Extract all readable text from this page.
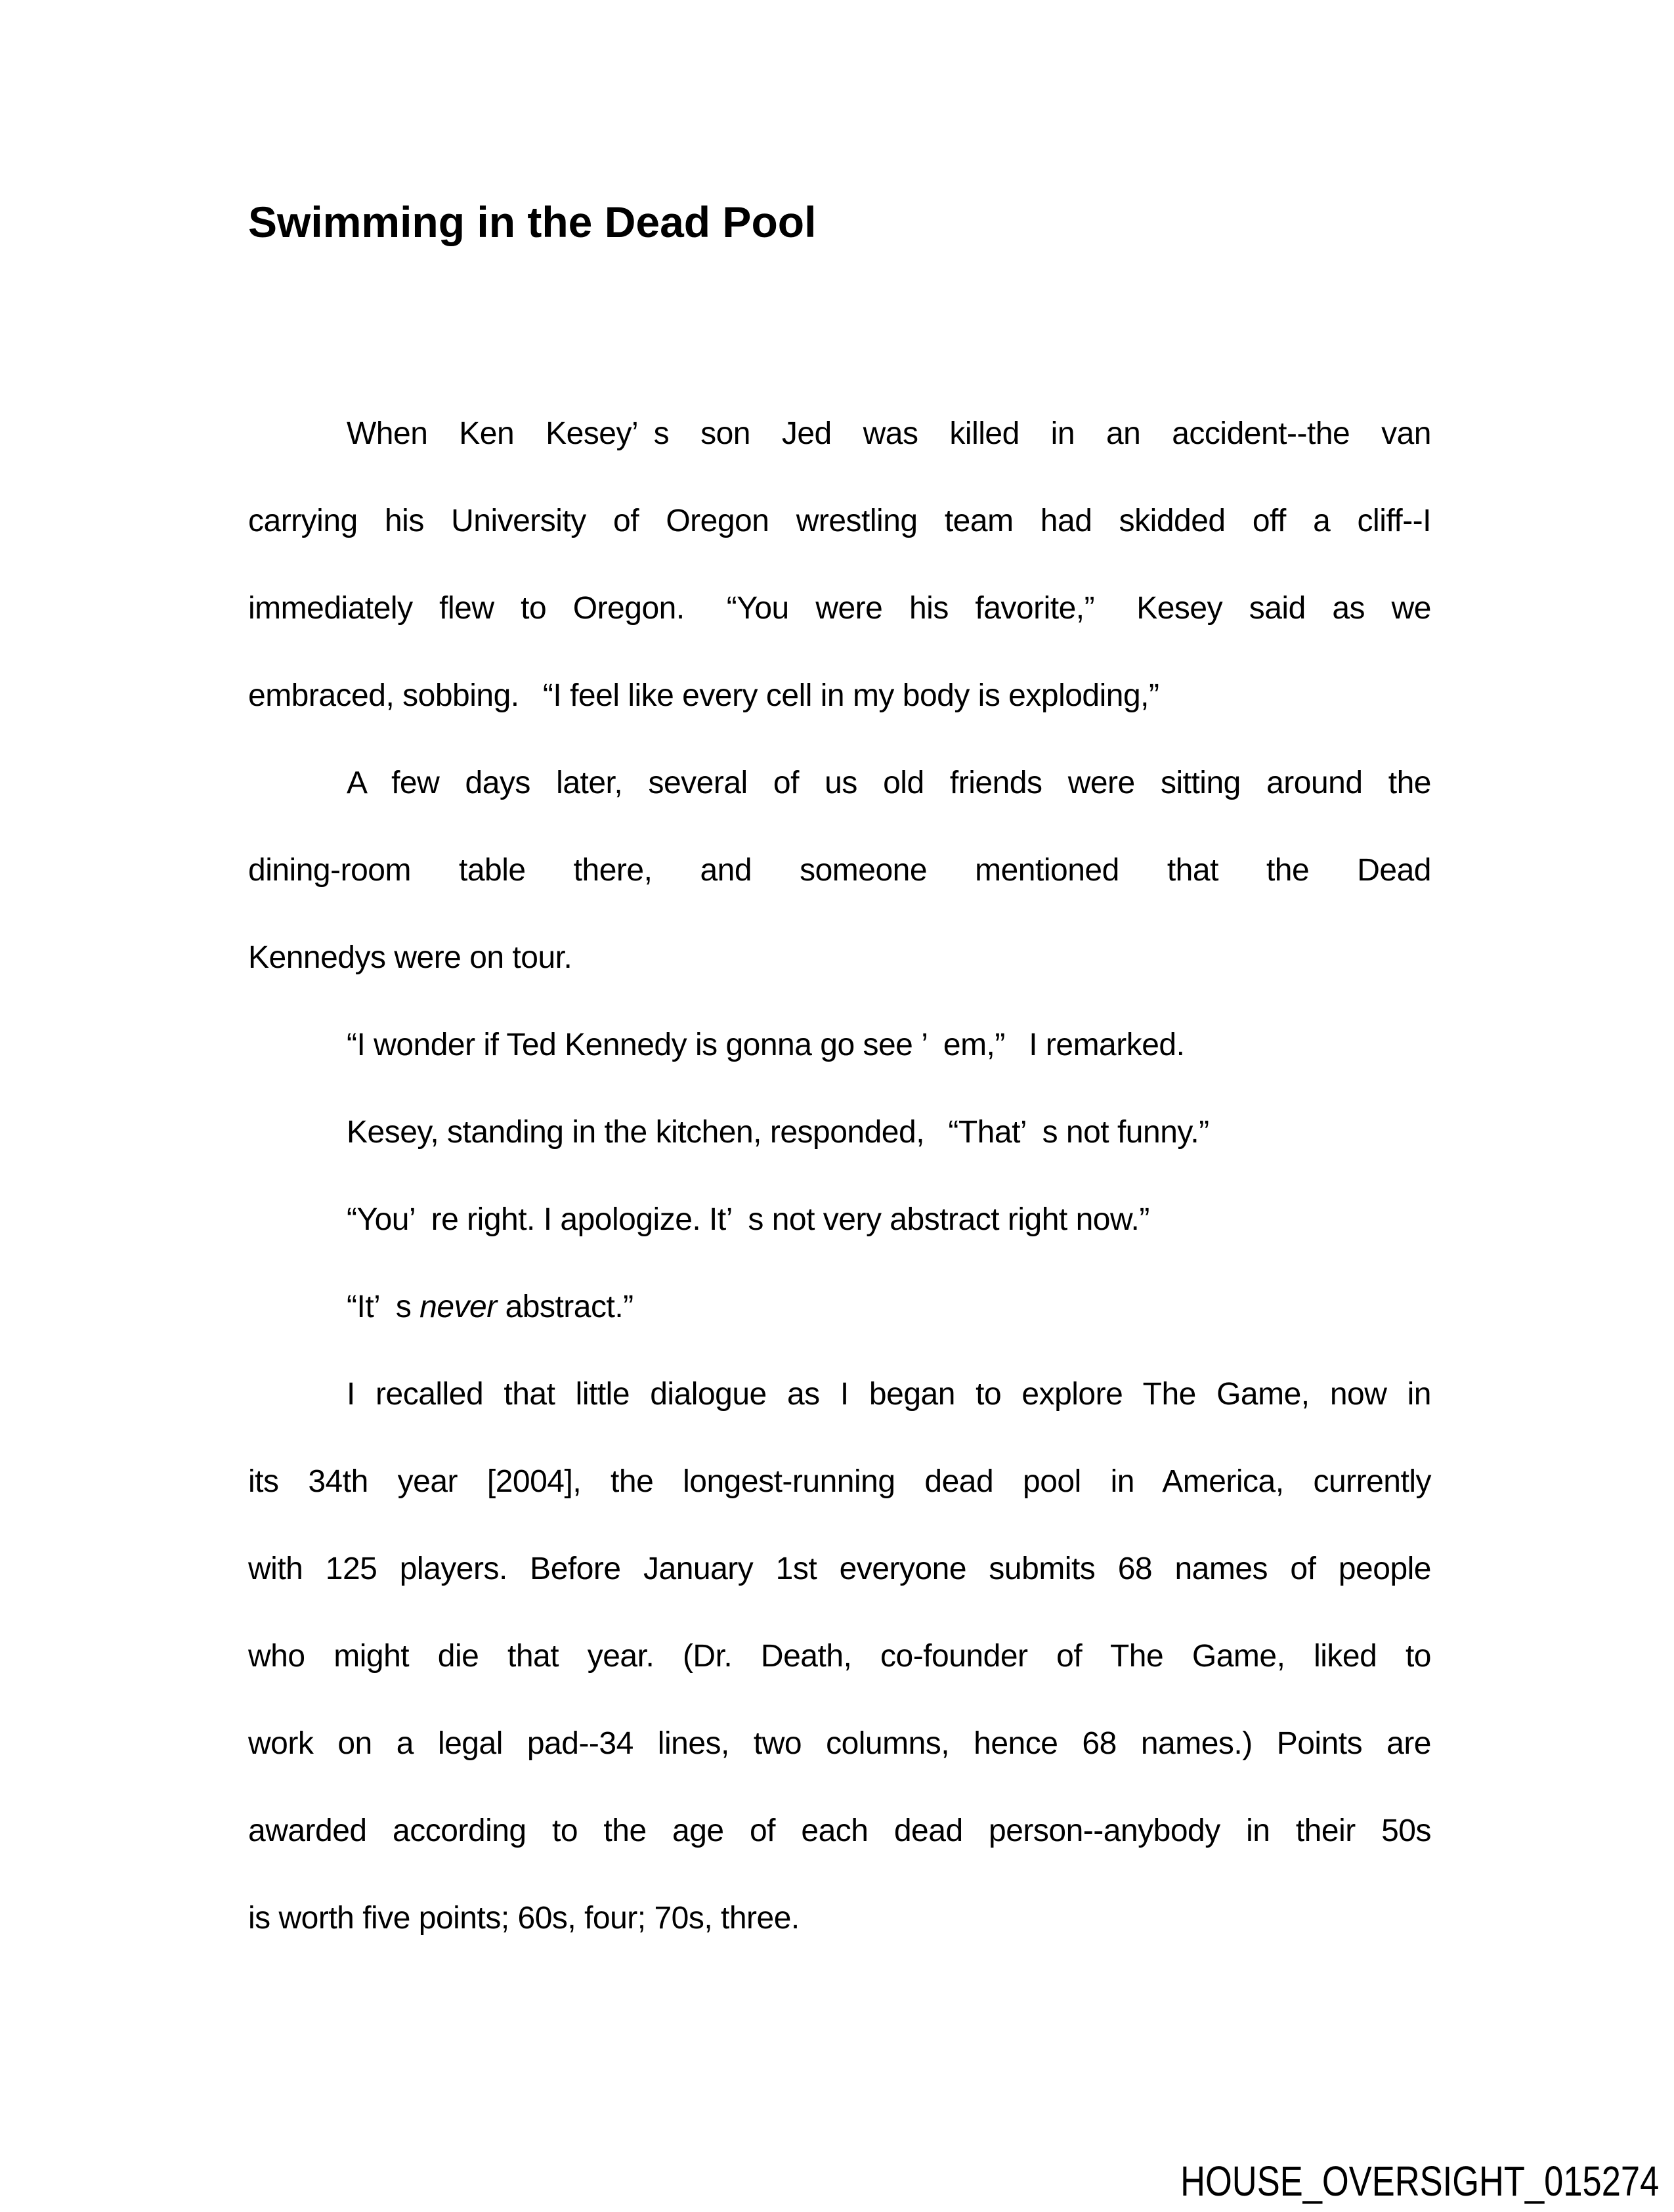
Swimming in the Dead Pool
When Ken Kesey’ s son Jed was killed in an accident--the van
carrying his University of Oregon wrestling team had skidded off a cliff--I
immediately flew to Oregon.  “You were his favorite,”  Kesey said as we
embraced, sobbing.  “I feel like every cell in my body is exploding,”
A few days later, several of us old friends were sitting around the
dining-room table there, and someone mentioned that the Dead
Kennedys were on tour.
“I wonder if Ted Kennedy is gonna go see ’ em,”  I remarked.
Kesey, standing in the kitchen, responded,  “That’ s not funny.”
“You’ re right. I apologize. It’ s not very abstract right now.”
“It’ s never abstract.”
I recalled that little dialogue as I began to explore The Game, now in
its 34th year [2004], the longest-running dead pool in America, currently
with 125 players. Before January 1st everyone submits 68 names of people
who might die that year. (Dr. Death, co-founder of The Game, liked to
work on a legal pad--34 lines, two columns, hence 68 names.) Points are
awarded according to the age of each dead person--anybody in their 50s
is worth five points; 60s, four; 70s, three.
HOUSE_OVERSIGHT_015274
